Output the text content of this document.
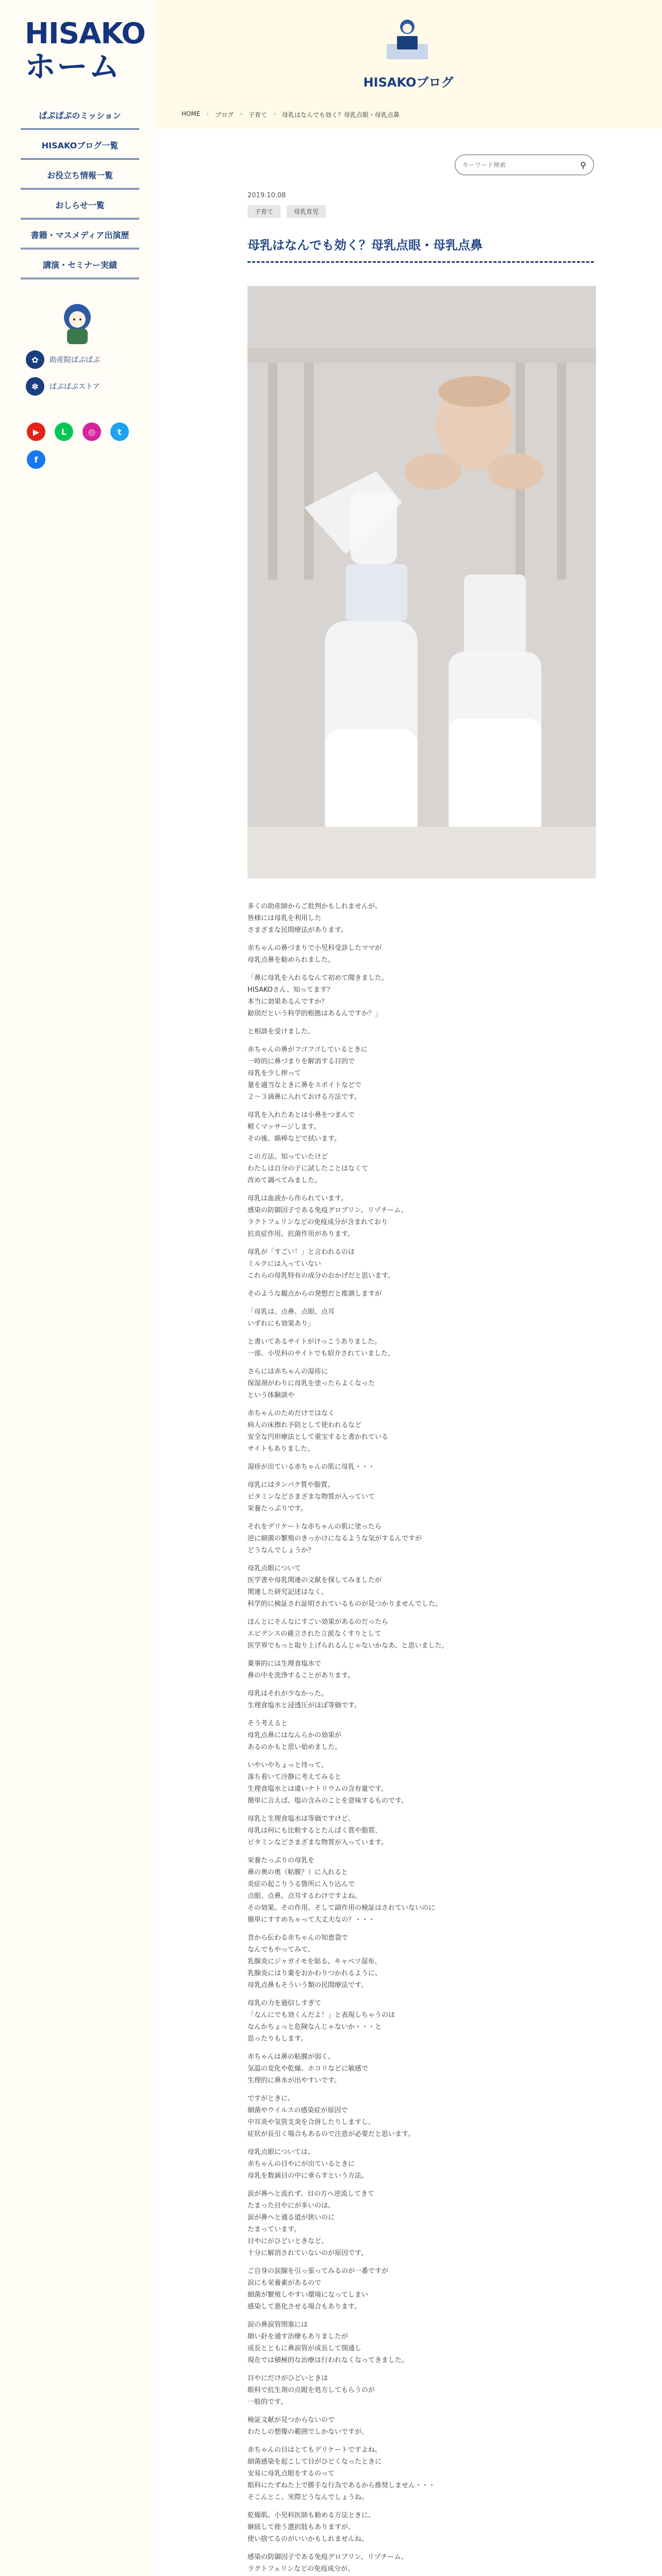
HISAKO
ホーム
ぱぷぱぷのミッション
HISAKOブログ一覧
お役立ち情報一覧
おしらせ一覧
書籍・マスメディア出演歴
講演・セミナー実績
✿	助産院ぱぷぱぷ
✽	ぱぷぱぷストア
▶	L	◎	t
f
HISAKOブログ
HOME › ブログ › 子育て › 母乳はなんでも効く？母乳点眼・母乳点鼻
キーワード検索
⚲
2019.10.08
子育て	母乳育児
母乳はなんでも効く？母乳点眼・母乳点鼻

多くの助産師からご批判かもしれませんが、
皆様には母乳を利用した
さまざまな民間療法があります。

赤ちゃんの鼻づまりで小児科受診したママが
母乳点鼻を勧められました。

「鼻に母乳を入れるなんて初めて聞きました。
HISAKOさん、知ってます？
本当に効果あるんですか？
勧別だという科学的根拠はあるんですか？」

と相談を受けました。

赤ちゃんの鼻がフゴフゴしているときに
一時的に鼻づまりを解消する目的で
母乳を少し搾って
量を適当なときに鼻をスポイトなどで
２〜３滴鼻に入れておける方法です。

母乳を入れたあとは小鼻をつまんで
軽くマッサージします。
その後、綿棒などで拭います。

この方法、知っていたけど
わたしは自分の子に試したことはなくて
改めて調べてみました。

母乳は血液から作られています。
感染の防御因子である免疫グロブリン、リゾチーム、
ラクトフェリンなどの免疫成分が含まれており
抗炎症作用、抗菌作用があります。

母乳が「すごい！」と言われるのは
ミルクには入っていない
これらの母乳特有の成分のおかげだと思います。

そのような観点からの発想だと推測しますが

「母乳は、点鼻、点眼、点耳
いずれにも効果あり」

と書いてあるサイトがけっこうありました。
一部、小児科のサイトでも紹介されていました。

さらには赤ちゃんの湿疹に
保湿剤がわりに母乳を塗ったらよくなった
という体験談や

赤ちゃんのためだけではなく
病人の床擦れ予防として使われるなど
安全な円形療法として重宝すると書かれている
サイトもありました。

湿疹が出ている赤ちゃんの肌に母乳・・・

母乳にはタンパク質や脂質、
ビタミンなどさまざまな物質が入っていて
栄養たっぷりです。

それをデリケートな赤ちゃんの肌に塗ったら
逆に細菌の繁殖のきっかけになるような気がするんですが
どうなんでしょうか？

母乳点眼について
医学書や母乳関連の文献を探してみましたが
関連した研究記述はなく、
科学的に検証され証明されているものが見つかりませんでした。

ほんとにそんなにすごい効果があるのだったら
エビデンスの確立された立派なくすりとして
医学界でもっと取り上げられるんじゃないかなあ、と思いました。

薬事的には生理食塩水で
鼻の中を洗浄することがあります。

母乳はそれが少なかった。
生理食塩水と浸透圧がほぼ等価です。

そう考えると
母乳点鼻にはなんらかの効果が
あるのかもと思い始めました。

いやいやちょっと待って。
落ち着いて冷静に考えてみると
生理食塩水とは違いナトリウムの含有量です。
簡単に言えば、塩の含みのことを意味するものです。

母乳と生理食塩水は等価ですけど、
母乳は何にも比較するとたんぱく質や脂質、
ビタミンなどさまざまな物質が入っています。

栄養たっぷりの母乳を
鼻の奥の奥（粘膜？）に入れると
炎症の起こりうる箇所に入り込んで
点眼、点鼻、点耳するわけですよね。
その効果、その作用、そして副作用の検証はされていないのに
簡単にすすめちゃって大丈夫なの？・・・

昔から伝わる赤ちゃんの知恵袋で
なんでもやってみて、
乳腺炎にジャガイモを貼る、キャベツ湿布、
乳腺炎にはり薬をおかわりつかれるように、
母乳点鼻もそういう類の民間療法です。

母乳の力を過信しすぎて
「なんにでも効くんだよ！」と表現しちゃうのは
なんかちょっと危険なんじゃないか・・・と
思ったりもします。

赤ちゃんは鼻の粘膜が弱く、
気温の変化や乾燥、ホコリなどに敏感で
生理的に鼻水が出やすいです。

ですがときに、
細菌やウイルスの感染症が原因で
中耳炎や気管支炎を合併したりしますし、
症状が長引く場合もあるので注意が必要だと思います。

母乳点眼については、
赤ちゃんの目やにが出ているときに
母乳を数滴目の中に垂らすという方法。

涙が鼻へと流れず、目の方へ逆流してきて
たまった目やにが多いのは、
涙が鼻へと通る道が狭いのに
たまっています。
目やにがひどいときなど、
十分に解消されていないのが原因です。

ご自身の涙腺を引っ張ってみるのが一番ですが
涙にも栄養素があるので
細菌が繁殖しやすい環境になってしまい
感染して悪化させる場合もあります。

涙の鼻涙管閉塞には
細い針を通す治療もありましたが
成長とともに鼻涙管が成長して開通し
現在では積極的な治療は行われなくなってきました。

目やにだけがひどいときは
眼科で抗生剤の点眼を処方してもらうのが
一般的です。

検証文献が見つからないので
わたしの想像の範囲でしかないですが、

赤ちゃんの目はとてもデリケートですよね。
細菌感染を起こして目がひどくなったときに
安易に母乳点眼をするのって
眼科にたずねた上で勝手な行為であるから推奨しません・・・
そこんとこ、実際どうなんでしょうね。

乾燥肌、小児科医師も勧める方法ときに、
継続して使う選択肢もありますが、
使い捨てるのがいいかもしれませんね。

感染の防御因子である免疫グロブリン、リゾチーム、
ラクトフェリンなどの免疫成分が、
